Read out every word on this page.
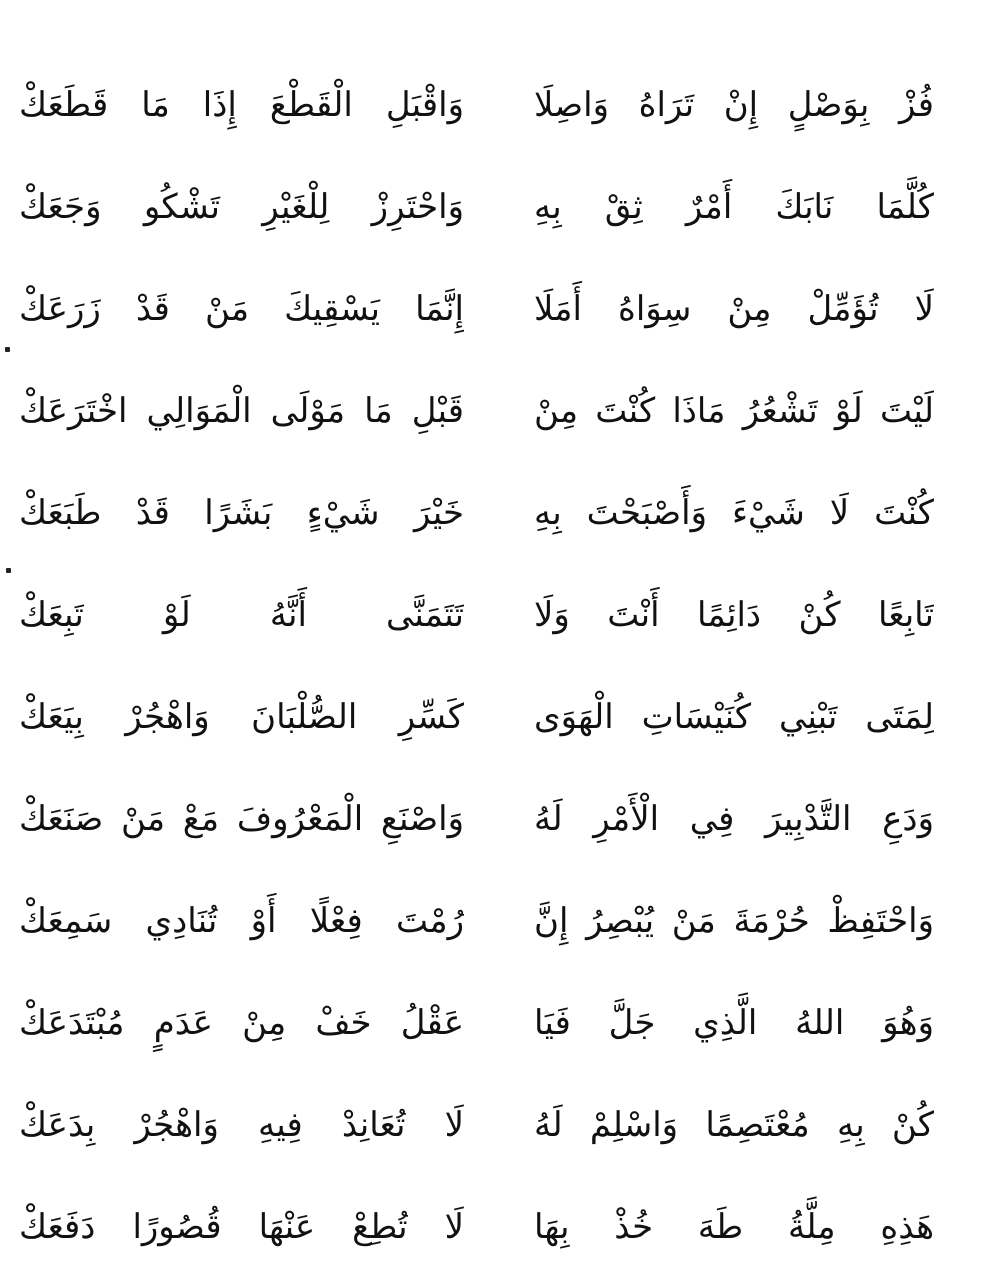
فُزْ بِوَصْلٍ إِنْ تَرَاهُ وَاصِلَا
وَاقْبَلِ الْقَطْعَ إِذَا مَا قَطَعَكْ
كُلَّمَا نَابَكَ أَمْرٌ ثِقْ بِهِ
وَاحْتَرِزْ لِلْغَيْرِ تَشْكُو وَجَعَكْ
لَا تُؤَمِّلْ مِنْ سِوَاهُ أَمَلَا
إِنَّمَا يَسْقِيكَ مَنْ قَدْ زَرَعَكْ
لَيْتَ لَوْ تَشْعُرُ مَاذَا كُنْتَ مِنْ
قَبْلِ مَا مَوْلَى الْمَوَالِي اخْتَرَعَكْ
كُنْتَ لَا شَيْءَ وَأَصْبَحْتَ بِهِ
خَيْرَ شَيْءٍ بَشَرًا قَدْ طَبَعَكْ
تَابِعًا كُنْ دَائِمًا أَنْتَ وَلَا
تَتَمَنَّى أَنَّهُ لَوْ تَبِعَكْ
لِمَتَى تَبْنِي كُنَيْسَاتِ الْهَوَى
كَسِّرِ الصُّلْبَانَ وَاهْجُرْ بِيَعَكْ
وَدَعِ التَّدْبِيرَ فِي الْأَمْرِ لَهُ
وَاصْنَعِ الْمَعْرُوفَ مَعْ مَنْ صَنَعَكْ
وَاحْتَفِظْ حُرْمَةَ مَنْ يُبْصِرُ إِنَّ
رُمْتَ فِعْلًا أَوْ تُنَادِي سَمِعَكْ
وَهُوَ اللهُ الَّذِي جَلَّ فَيَا
عَقْلُ خَفْ مِنْ عَدَمٍ مُبْتَدَعَكْ
كُنْ بِهِ مُعْتَصِمًا وَاسْلِمْ لَهُ
لَا تُعَانِدْ فِيهِ وَاهْجُرْ بِدَعَكْ
هَذِهِ مِلَّةُ طَهَ خُذْ بِهَا
لَا تُطِعْ عَنْهَا قُصُورًا دَفَعَكْ
